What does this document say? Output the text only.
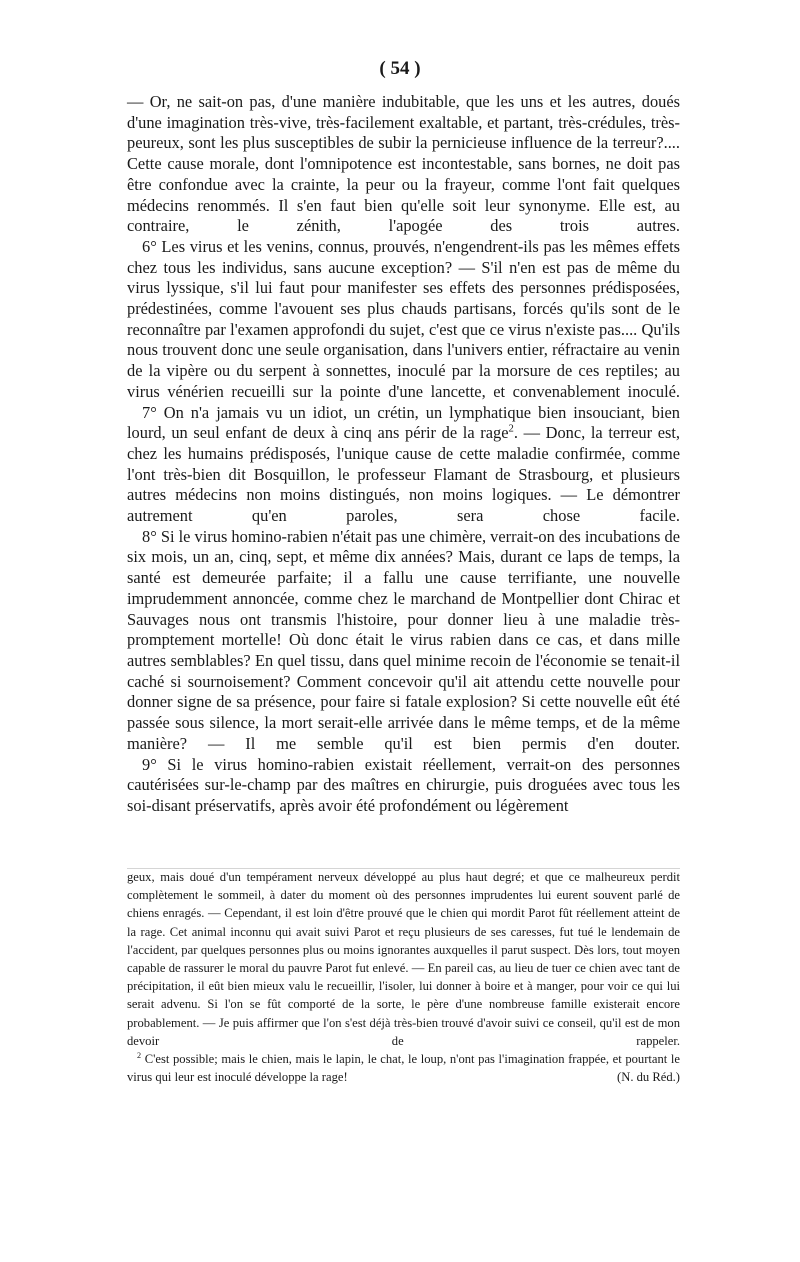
( 54 )

— Or, ne sait-on pas, d'une manière indubitable, que les uns et les autres, doués d'une imagination très-vive, très-facilement exaltable, et partant, très-crédules, très-peureux, sont les plus susceptibles de subir la pernicieuse influence de la terreur?.... Cette cause morale, dont l'omnipotence est incontestable, sans bornes, ne doit pas être confondue avec la crainte, la peur ou la frayeur, comme l'ont fait quelques médecins renommés. Il s'en faut bien qu'elle soit leur synonyme. Elle est, au contraire, le zénith, l'apogée des trois autres.

6° Les virus et les venins, connus, prouvés, n'engendrent-ils pas les mêmes effets chez tous les individus, sans aucune exception? — S'il n'en est pas de même du virus lyssique, s'il lui faut pour manifester ses effets des personnes prédisposées, prédestinées, comme l'avouent ses plus chauds partisans, forcés qu'ils sont de le reconnaître par l'examen approfondi du sujet, c'est que ce virus n'existe pas.... Qu'ils nous trouvent donc une seule organisation, dans l'univers entier, réfractaire au venin de la vipère ou du serpent à sonnettes, inoculé par la morsure de ces reptiles; au virus vénérien recueilli sur la pointe d'une lancette, et convenablement inoculé.

7° On n'a jamais vu un idiot, un crétin, un lymphatique bien insouciant, bien lourd, un seul enfant de deux à cinq ans périr de la rage$^2$. — Donc, la terreur est, chez les humains prédisposés, l'unique cause de cette maladie confirmée, comme l'ont très-bien dit Bosquillon, le professeur Flamant de Strasbourg, et plusieurs autres médecins non moins distingués, non moins logiques. — Le démontrer autrement qu'en paroles, sera chose facile.

8° Si le virus homino-rabien n'était pas une chimère, verrait-on des incubations de six mois, un an, cinq, sept, et même dix années? Mais, durant ce laps de temps, la santé est demeurée parfaite; il a fallu une cause terrifiante, une nouvelle imprudemment annoncée, comme chez le marchand de Montpellier dont Chirac et Sauvages nous ont transmis l'histoire, pour donner lieu à une maladie très-promptement mortelle! Où donc était le virus rabien dans ce cas, et dans mille autres semblables? En quel tissu, dans quel minime recoin de l'économie se tenait-il caché si sournoisement? Comment concevoir qu'il ait attendu cette nouvelle pour donner signe de sa présence, pour faire si fatale explosion? Si cette nouvelle eût été passée sous silence, la mort serait-elle arrivée dans le même temps, et de la même manière? — Il me semble qu'il est bien permis d'en douter.

9° Si le virus homino-rabien existait réellement, verrait-on des personnes cautérisées sur-le-champ par des maîtres en chirurgie, puis droguées avec tous les soi-disant préservatifs, après avoir été profondément ou légèrement

geux, mais doué d'un tempérament nerveux développé au plus haut degré; et que ce malheureux perdit complètement le sommeil, à dater du moment où des personnes imprudentes lui eurent souvent parlé de chiens enragés. — Cependant, il est loin d'être prouvé que le chien qui mordit Parot fût réellement atteint de la rage. Cet animal inconnu qui avait suivi Parot et reçu plusieurs de ses caresses, fut tué le lendemain de l'accident, par quelques personnes plus ou moins ignorantes auxquelles il parut suspect. Dès lors, tout moyen capable de rassurer le moral du pauvre Parot fut enlevé. — En pareil cas, au lieu de tuer ce chien avec tant de précipitation, il eût bien mieux valu le recueillir, l'isoler, lui donner à boire et à manger, pour voir ce qui lui serait advenu. Si l'on se fût comporté de la sorte, le père d'une nombreuse famille existerait encore probablement. — Je puis affirmer que l'on s'est déjà très-bien trouvé d'avoir suivi ce conseil, qu'il est de mon devoir de rappeler.

$^2$ C'est possible; mais le chien, mais le lapin, le chat, le loup, n'ont pas l'imagination frappée, et pourtant le virus qui leur est inoculé développe la rage!	(N. du Réd.)
